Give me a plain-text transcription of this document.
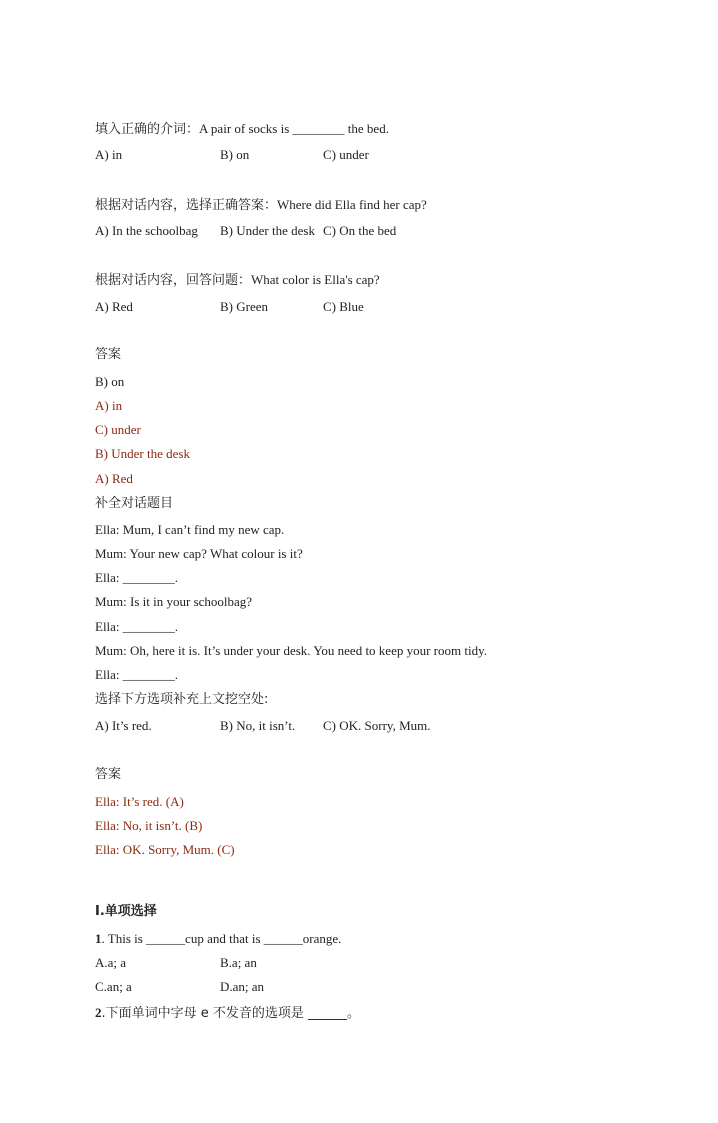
填入正确的介词：A pair of socks is ________ the bed.
A) in	B) on	C) under
根据对话内容，选择正确答案：Where did Ella find her cap?
A) In the schoolbag B) Under the desk C) On the bed
根据对话内容，回答问题：What color is Ella's cap?
A) Red	B) Green	C) Blue
答案
B) on
A) in
C) under
B) Under the desk
A) Red
补全对话题目
Ella: Mum, I can’t find my new cap.
Mum: Your new cap? What colour is it?
Ella: ________.
Mum: Is it in your schoolbag?
Ella: ________.
Mum: Oh, here it is. It’s under your desk. You need to keep your room tidy.
Ella: ________.
选择下方选项补充上文挖空处:
A) It’s red.	B) No, it isn’t. C) OK. Sorry, Mum.
答案
Ella: It’s red. (A)
Ella: No, it isn’t. (B)
Ella: OK. Sorry, Mum. (C)
Ⅰ.单项选择
1. This is ______cup and that is ______orange.
A.a; a	B.a; an
C.an; a	D.an; an
2.下面单词中字母 e 不发音的选项是 ______。
